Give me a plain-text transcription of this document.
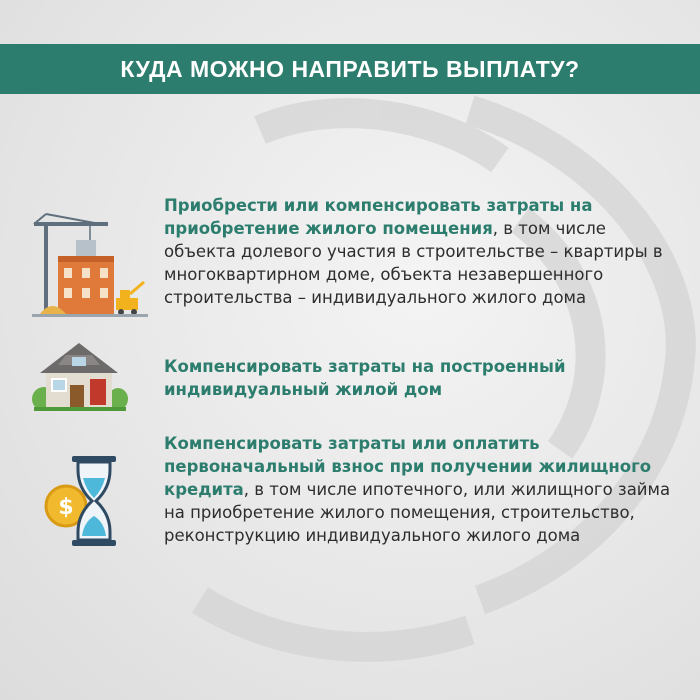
КУДА МОЖНО НАПРАВИТЬ ВЫПЛАТУ?
Приобрести или компенсировать затраты на приобретение жилого помещения, в том числе объекта долевого участия в строительстве – квартиры в многоквартирном доме, объекта незавершенного строительства – индивидуального жилого дома
Компенсировать затраты на построенный индивидуальный жилой дом
$
Компенсировать затраты или оплатить первоначальный взнос при получении жилищного кредита, в том числе ипотечного, или жилищного займа на приобретение жилого помещения, строительство, реконструкцию индивидуального жилого дома
